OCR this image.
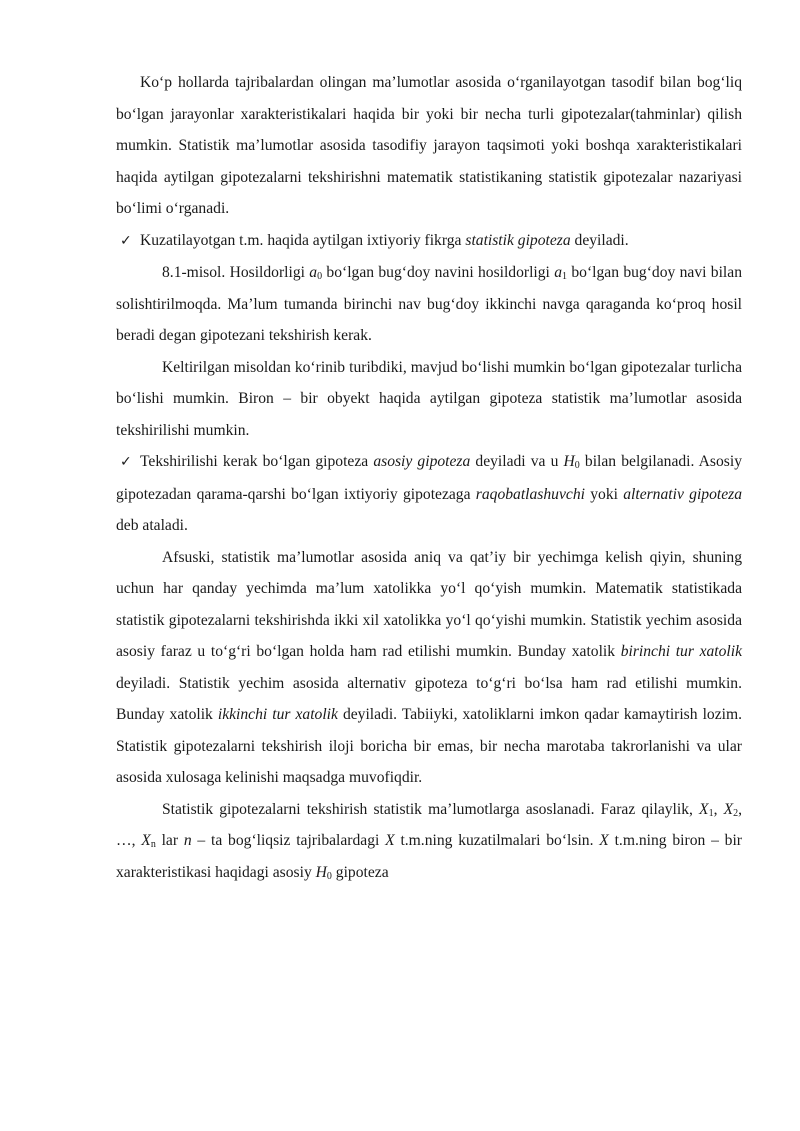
Ko‘p hollarda tajribalardan olingan ma’lumotlar asosida o‘rganilayotgan tasodif bilan bog‘liq bo‘lgan jarayonlar xarakteristikalari haqida bir yoki bir necha turli gipotezalar(tahminlar) qilish mumkin. Statistik ma’lumotlar asosida tasodifiy jarayon taqsimoti yoki boshqa xarakteristikalari haqida aytilgan gipotezalarni tekshirishni matematik statistikaning statistik gipotezalar nazariyasi bo‘limi o‘rganadi.

✓ Kuzatilayotgan t.m. haqida aytilgan ixtiyoriy fikrga statistik gipoteza deyiladi.

8.1-misol. Hosildorligi $a_0$ bo‘lgan bug‘doy navini hosildorligi $a_1$ bo‘lgan bug‘doy navi bilan solishtirilmoqda. Ma’lum tumanda birinchi nav bug‘doy ikkinchi navga qaraganda ko‘proq hosil beradi degan gipotezani tekshirish kerak.

Keltirilgan misoldan ko‘rinib turibdiki, mavjud bo‘lishi mumkin bo‘lgan gipotezalar turlicha bo‘lishi mumkin. Biron – bir obyekt haqida aytilgan gipoteza statistik ma’lumotlar asosida tekshirilishi mumkin.

✓ Tekshirilishi kerak bo‘lgan gipoteza asosiy gipoteza deyiladi va u $H_0$ bilan belgilanadi. Asosiy gipotezadan qarama-qarshi bo‘lgan ixtiyoriy gipotezaga raqobatlashuvchi yoki alternativ gipoteza deb ataladi.

Afsuski, statistik ma’lumotlar asosida aniq va qat’iy bir yechimga kelish qiyin, shuning uchun har qanday yechimda ma’lum xatolikka yo‘l qo‘yish mumkin. Matematik statistikada statistik gipotezalarni tekshirishda ikki xil xatolikka yo‘l qo‘yishi mumkin. Statistik yechim asosida asosiy faraz u to‘g‘ri bo‘lgan holda ham rad etilishi mumkin. Bunday xatolik birinchi tur xatolik deyiladi. Statistik yechim asosida alternativ gipoteza to‘g‘ri bo‘lsa ham rad etilishi mumkin. Bunday xatolik ikkinchi tur xatolik deyiladi. Tabiiyki, xatoliklarni imkon qadar kamaytirish lozim. Statistik gipotezalarni tekshirish iloji boricha bir emas, bir necha marotaba takrorlanishi va ular asosida xulosaga kelinishi maqsadga muvofiqdir.

Statistik gipotezalarni tekshirish statistik ma’lumotlarga asoslanadi. Faraz qilaylik, $X_1$, $X_2$, …, $X_n$ lar n – ta bog‘liqsiz tajribalardagi X t.m.ning kuzatilmalari bo‘lsin. X t.m.ning biron – bir xarakteristikasi haqidagi asosiy $H_0$ gipoteza
